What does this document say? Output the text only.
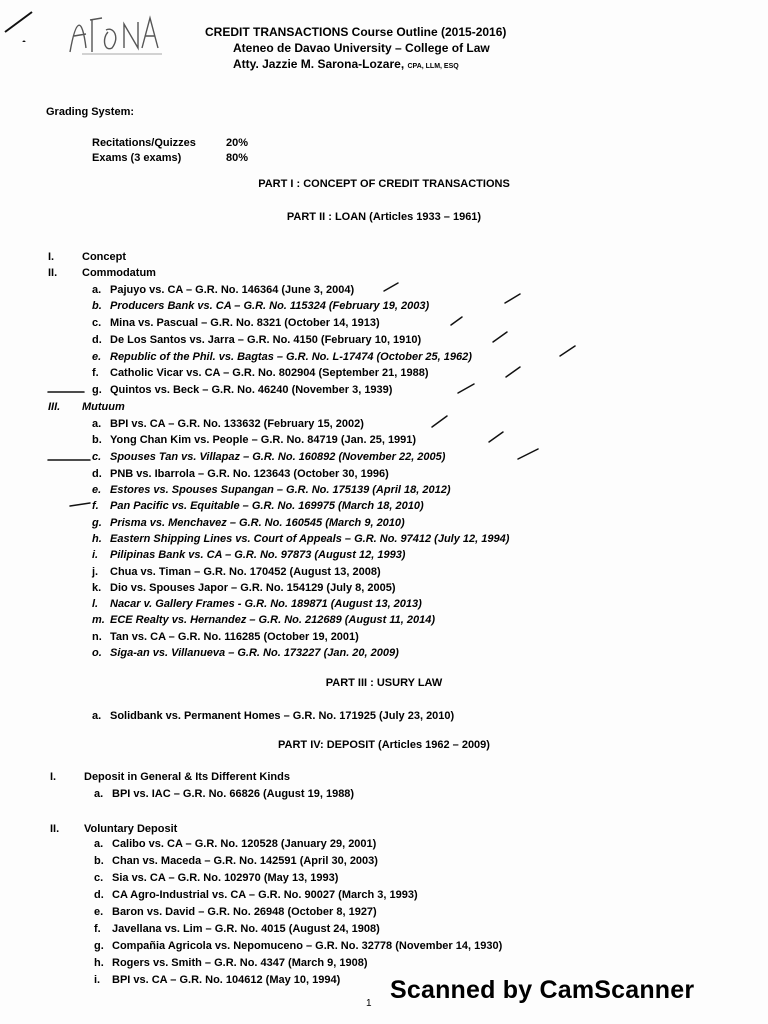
CREDIT TRANSACTIONS Course Outline (2015-2016)
Ateneo de Davao University – College of Law
Atty. Jazzie M. Sarona-Lozare, CPA, LLM, ESQ
Grading System:
Recitations/Quizzes	20%
Exams (3 exams)	80%
PART I : CONCEPT OF CREDIT TRANSACTIONS
PART II : LOAN (Articles 1933 – 1961)
I.	Concept
II. Commodatum
a. Pajuyo vs. CA – G.R. No. 146364 (June 3, 2004)
b. Producers Bank vs. CA – G.R. No. 115324 (February 19, 2003)
c. Mina vs. Pascual – G.R. No. 8321 (October 14, 1913)
d. De Los Santos vs. Jarra – G.R. No. 4150 (February 10, 1910)
e. Republic of the Phil. vs. Bagtas – G.R. No. L-17474 (October 25, 1962)
f. Catholic Vicar vs. CA – G.R. No. 802904 (September 21, 1988)
g. Quintos vs. Beck – G.R. No. 46240 (November 3, 1939)
III. Mutuum
a. BPI vs. CA – G.R. No. 133632 (February 15, 2002)
b. Yong Chan Kim vs. People – G.R. No. 84719 (Jan. 25, 1991)
c. Spouses Tan vs. Villapaz – G.R. No. 160892 (November 22, 2005)
d. PNB vs. Ibarrola – G.R. No. 123643 (October 30, 1996)
e. Estores vs. Spouses Supangan – G.R. No. 175139 (April 18, 2012)
f. Pan Pacific vs. Equitable – G.R. No. 169975 (March 18, 2010)
g. Prisma vs. Menchavez – G.R. No. 160545 (March 9, 2010)
h. Eastern Shipping Lines vs. Court of Appeals – G.R. No. 97412 (July 12, 1994)
i. Pilipinas Bank vs. CA – G.R. No. 97873 (August 12, 1993)
j. Chua vs. Timan – G.R. No. 170452 (August 13, 2008)
k. Dio vs. Spouses Japor – G.R. No. 154129 (July 8, 2005)
l. Nacar v. Gallery Frames - G.R. No. 189871 (August 13, 2013)
m. ECE Realty vs. Hernandez – G.R. No. 212689 (August 11, 2014)
n. Tan vs. CA – G.R. No. 116285 (October 19, 2001)
o. Siga-an vs. Villanueva – G.R. No. 173227 (Jan. 20, 2009)
PART III : USURY LAW
a. Solidbank vs. Permanent Homes – G.R. No. 171925 (July 23, 2010)
PART IV: DEPOSIT (Articles 1962 – 2009)
I.	Deposit in General & Its Different Kinds
a. BPI vs. IAC – G.R. No. 66826 (August 19, 1988)
II. Voluntary Deposit
a. Calibo vs. CA – G.R. No. 120528 (January 29, 2001)
b. Chan vs. Maceda – G.R. No. 142591 (April 30, 2003)
c. Sia vs. CA – G.R. No. 102970 (May 13, 1993)
d. CA Agro-Industrial vs. CA – G.R. No. 90027 (March 3, 1993)
e. Baron vs. David – G.R. No. 26948 (October 8, 1927)
f. Javellana vs. Lim – G.R. No. 4015 (August 24, 1908)
g. Compañia Agricola vs. Nepomuceno – G.R. No. 32778 (November 14, 1930)
h. Rogers vs. Smith – G.R. No. 4347 (March 9, 1908)
i. BPI vs. CA – G.R. No. 104612 (May 10, 1994)
1 Scanned by CamScanner
